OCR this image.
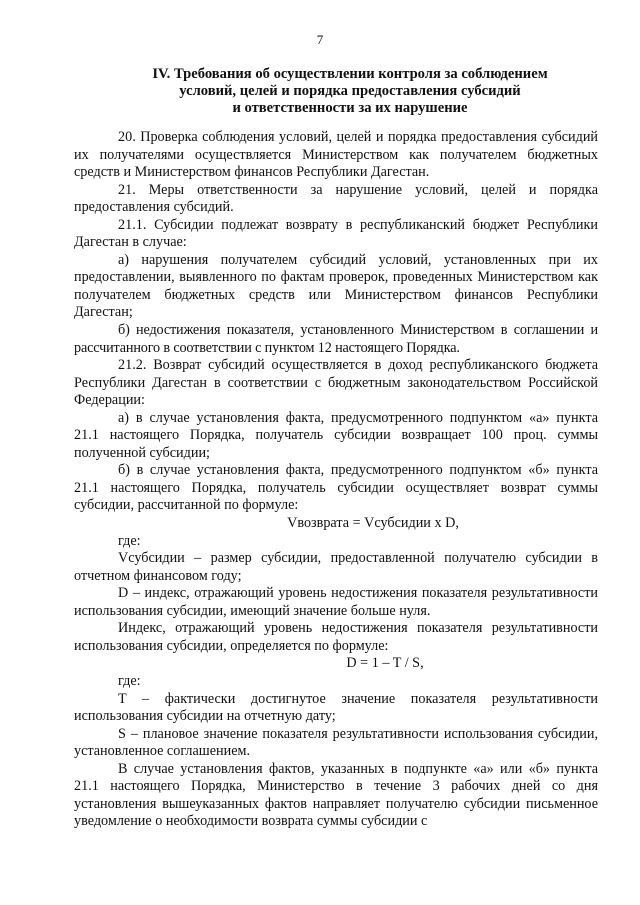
7
IV. Требования об осуществлении контроля за соблюдением
условий, целей и порядка предоставления субсидий
и ответственности за их нарушение

20. Проверка соблюдения условий, целей и порядка предоставления субсидий их получателями осуществляется Министерством как получателем бюджетных средств и Министерством финансов Республики Дагестан.

21. Меры ответственности за нарушение условий, целей и порядка предоставления субсидий.

21.1. Субсидии подлежат возврату в республиканский бюджет Республики Дагестан в случае:

а) нарушения получателем субсидий условий, установленных при их предоставлении, выявленного по фактам проверок, проведенных Министерством как получателем бюджетных средств или Министерством финансов Республики Дагестан;

б) недостижения показателя, установленного Министерством в соглашении и рассчитанного в соответствии с пунктом 12 настоящего Порядка.

21.2. Возврат субсидий осуществляется в доход республиканского бюджета Республики Дагестан в соответствии с бюджетным законодательством Российской Федерации:

а) в случае установления факта, предусмотренного подпунктом «а» пункта 21.1 настоящего Порядка, получатель субсидии возвращает 100 проц. суммы полученной субсидии;

б) в случае установления факта, предусмотренного подпунктом «б» пункта 21.1 настоящего Порядка, получатель субсидии осуществляет возврат суммы субсидии, рассчитанной по формуле:

Vвозврата = Vсубсидии x D,

где:

Vсубсидии – размер субсидии, предоставленной получателю субсидии в отчетном финансовом году;

D – индекс, отражающий уровень недостижения показателя результативности использования субсидии, имеющий значение больше нуля.

Индекс, отражающий уровень недостижения показателя результативности использования субсидии, определяется по формуле:

D = 1 – T / S,

где:

T – фактически достигнутое значение показателя результативности использования субсидии на отчетную дату;

S – плановое значение показателя результативности использования субсидии, установленное соглашением.

В случае установления фактов, указанных в подпункте «а» или «б» пункта 21.1 настоящего Порядка, Министерство в течение 3 рабочих дней со дня установления вышеуказанных фактов направляет получателю субсидии письменное уведомление о необходимости возврата суммы субсидии с
